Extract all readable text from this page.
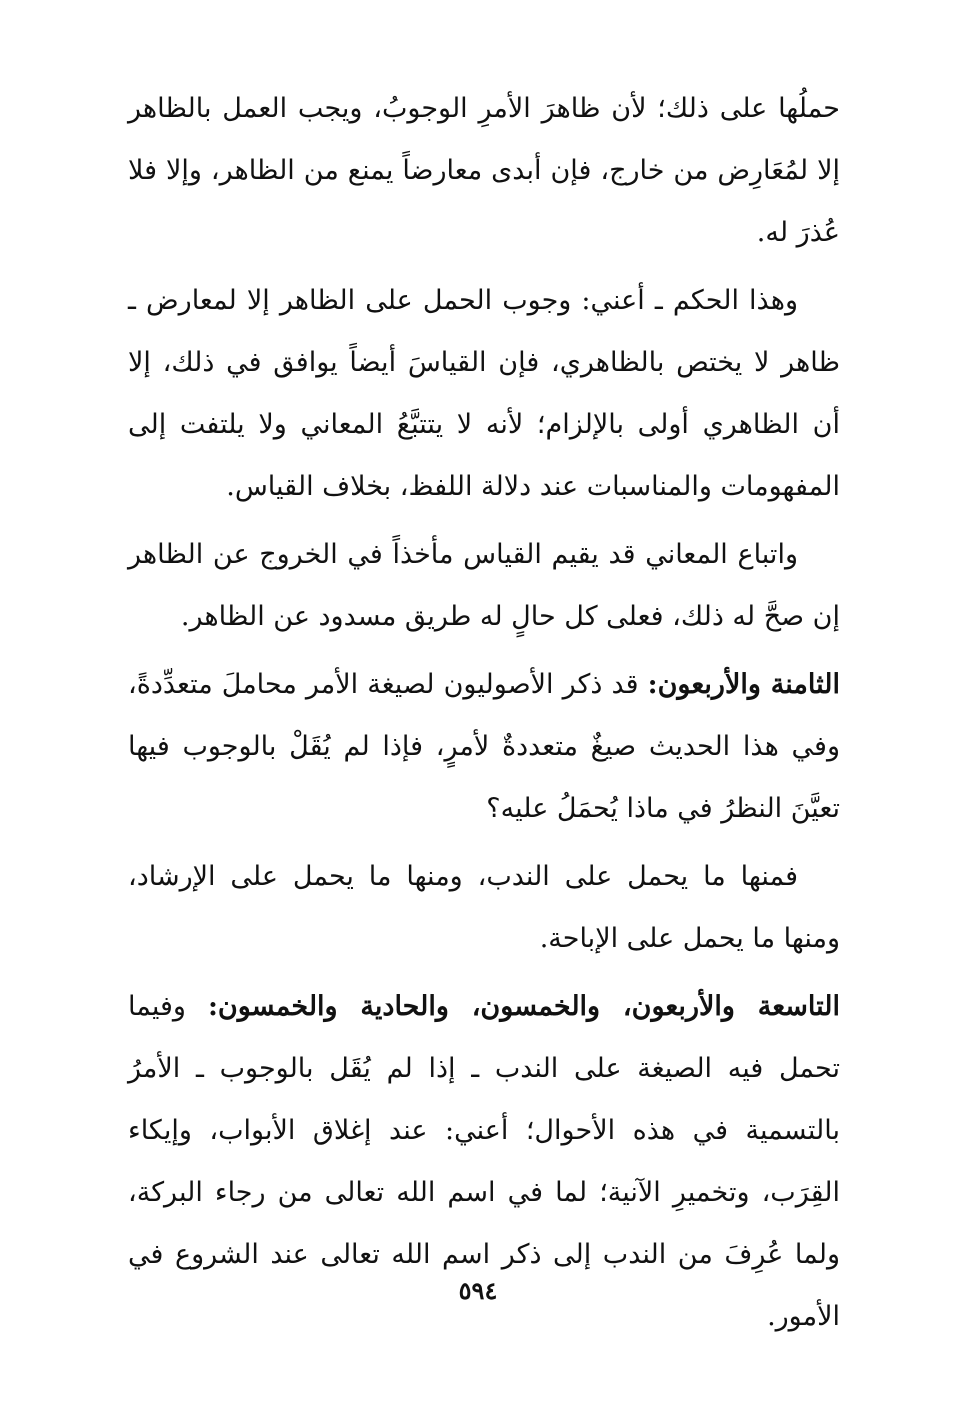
حملُها على ذلك؛ لأن ظاهرَ الأمرِ الوجوبُ، ويجب العمل بالظاهر إلا لمُعَارِض من خارج، فإن أبدى معارضاً يمنع من الظاهر، وإلا فلا عُذرَ له.

وهذا الحكم ـ أعني: وجوب الحمل على الظاهر إلا لمعارض ـ ظاهر لا يختص بالظاهري، فإن القياسَ أيضاً يوافق في ذلك، إلا أن الظاهري أولى بالإلزام؛ لأنه لا يتتبَّعُ المعاني ولا يلتفت إلى المفهومات والمناسبات عند دلالة اللفظ، بخلاف القياس.

واتباع المعاني قد يقيم القياس مأخذاً في الخروج عن الظاهر إن صحَّ له ذلك، فعلى كل حالٍ له طريق مسدود عن الظاهر.

الثامنة والأربعون: قد ذكر الأصوليون لصيغة الأمر محاملَ متعدِّدةً، وفي هذا الحديث صيغٌ متعددةٌ لأمرٍ، فإذا لم يُقَلْ بالوجوب فيها تعيَّنَ النظرُ في ماذا يُحمَلُ عليه؟

فمنها ما يحمل على الندب، ومنها ما يحمل على الإرشاد، ومنها ما يحمل على الإباحة.

التاسعة والأربعون، والخمسون، والحادية والخمسون: وفيما تحمل فيه الصيغة على الندب ـ إذا لم يُقَل بالوجوب ـ الأمرُ بالتسمية في هذه الأحوال؛ أعني: عند إغلاق الأبواب، وإيكاء القِرَب، وتخميرِ الآنية؛ لما في اسم الله تعالى من رجاء البركة، ولما عُرِفَ من الندب إلى ذكر اسم الله تعالى عند الشروع في الأمور.

٥٩٤
